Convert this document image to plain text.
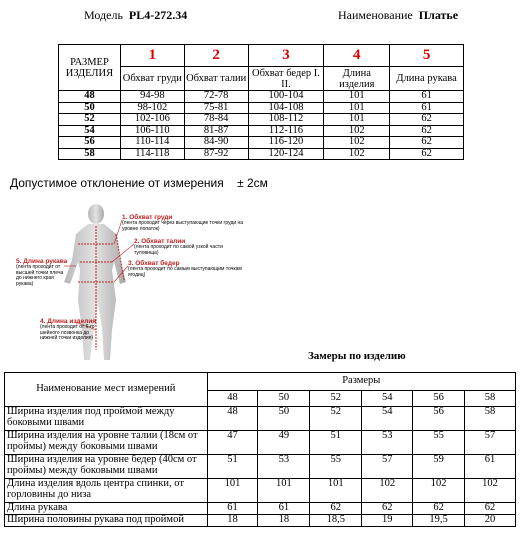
Модель PL4-272.34	Наименование Платье
РАЗМЕР ИЗДЕЛИЯ	1	2	3	4	5
	Обхват груди	Обхват талии	Обхват бедер I. II.	Длина изделия	Длина рукава
48	94-98	72-78	100-104	101	61
50	98-102	75-81	104-108	101	61
52	102-106	78-84	108-112	101	62
54	106-110	81-87	112-116	102	62
56	110-114	84-90	116-120	102	62
58	114-118	87-92	120-124	102	62
Допустимое отклонение от измерения ± 2см
1. Обхват груди
(лента проходит через выступающие точки груди на уровне лопаток)
2. Обхват талии
(лента проходит по самой узкой части туловища)
3. Обхват бедер
(лента проходит по самым выступающим точкам ягодиц)
5. Длина рукава
(лента проходит от высшей точки плеча до нижнего края рукава)
4. Длина изделия
(лента проходит от 6-го шейного позвонка до нижней точки изделия)
Замеры по изделию
Наименование мест измерений	Размеры					
	48	50	52	54	56	58
Ширина изделия под проймой между боковыми швами	48	50	52	54	56	58
Ширина изделия на уровне талии (18см от проймы) между боковыми швами	47	49	51	53	55	57
Ширина изделия на уровне бедер (40см от проймы) между боковыми швами	51	53	55	57	59	61
Длина изделия вдоль центра спинки, от горловины до низа	101	101	101	102	102	102
Длина рукава	61	61	62	62	62	62
Ширина половины рукава под проймой	18	18	18,5	19	19,5	20
